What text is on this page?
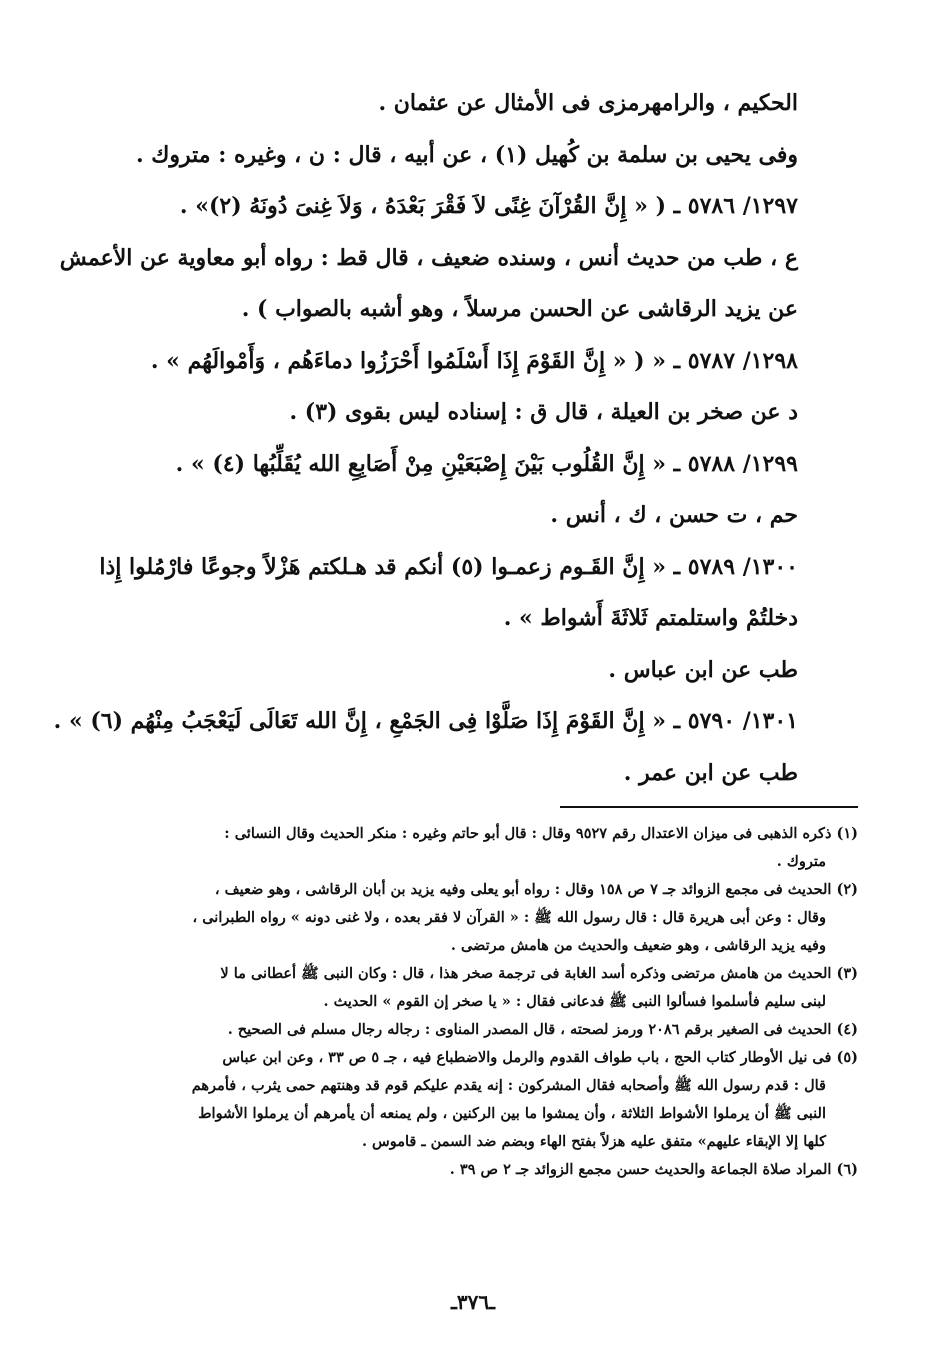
الحكيم ، والرامهرمزى فى الأمثال عن عثمان .
وفى يحيى بن سلمة بن كُهيل (١) ، عن أبيه ، قال : ن ، وغيره : متروك .
١٢٩٧/ ٥٧٨٦ ـ ( « إِنَّ القُرْآنَ غِنًى لاَ فَقْرَ بَعْدَهُ ، وَلاَ غِنىَ دُونَهُ (٢)» .
ع ، طب من حديث أنس ، وسنده ضعيف ، قال قط : رواه أبو معاوية عن الأعمش
عن يزيد الرقاشى عن الحسن مرسلاً ، وهو أشبه بالصواب ) .
١٢٩٨/ ٥٧٨٧ ـ « ( « إِنَّ القَوْمَ إِذَا أَسْلَمُوا أَحْرَزُوا دماءَهُم ، وَأَمْوالَهُم » .
د عن صخر بن العيلة ، قال ق : إسناده ليس بقوى (٣) .
١٢٩٩/ ٥٧٨٨ ـ « إِنَّ القُلُوب بَيْنَ إِصْبَعَيْنِ مِنْ أَصَابِعِ الله يُقَلِّبُها (٤) » .
حم ، ت حسن ، ك ، أنس .
١٣٠٠/ ٥٧٨٩ ـ « إِنَّ القَـوم زعمـوا (٥) أنكم قد هـلكتم هَزْلاً وجوعًا فارْمُلوا إِذا
دخلتُمْ واستلمتم ثَلاثَةَ أَشواط » .
طب عن ابن عباس .
١٣٠١/ ٥٧٩٠ ـ « إِنَّ القَوْمَ إِذَا صَلَّوْا فِى الجَمْعِ ، إِنَّ الله تَعَالَى لَيَعْجَبُ مِنْهُم (٦) » .
طب عن ابن عمر .
(١) ذكره الذهبى فى ميزان الاعتدال رقم ٩٥٢٧ وقال : قال أبو حاتم وغيره : منكر الحديث وقال النسائى :
متروك .
(٢) الحديث فى مجمع الزوائد جـ ٧ ص ١٥٨ وقال : رواه أبو يعلى وفيه يزيد بن أبان الرقاشى ، وهو ضعيف ،
وقال : وعن أبى هريرة قال : قال رسول الله ﷺ : « القرآن لا فقر بعده ، ولا غنى دونه » رواه الطبرانى ،
وفيه يزيد الرقاشى ، وهو ضعيف والحديث من هامش مرتضى .
(٣) الحديث من هامش مرتضى وذكره أسد الغابة فى ترجمة صخر هذا ، قال : وكان النبى ﷺ أعطانى ما لا
لبنى سليم فأسلموا فسألوا النبى ﷺ فدعانى فقال : « يا صخر إن القوم » الحديث .
(٤) الحديث فى الصغير برقم ٢٠٨٦ ورمز لصحته ، قال المصدر المناوى : رجاله رجال مسلم فى الصحيح .
(٥) فى نيل الأوطار كتاب الحج ، باب طواف القدوم والرمل والاضطباع فيه ، جـ ٥ ص ٣٣ ، وعن ابن عباس
قال : قدم رسول الله ﷺ وأصحابه فقال المشركون : إنه يقدم عليكم قوم قد وهنتهم حمى يثرب ، فأمرهم
النبى ﷺ أن يرملوا الأشواط الثلاثة ، وأن يمشوا ما بين الركنين ، ولم يمنعه أن يأمرهم أن يرملوا الأشواط
كلها إلا الإبقاء عليهم» متفق عليه هزلاً بفتح الهاء وبضم ضد السمن ـ قاموس .
(٦) المراد صلاة الجماعة والحديث حسن مجمع الزوائد جـ ٢ ص ٣٩ .
ـ٣٧٦ـ
